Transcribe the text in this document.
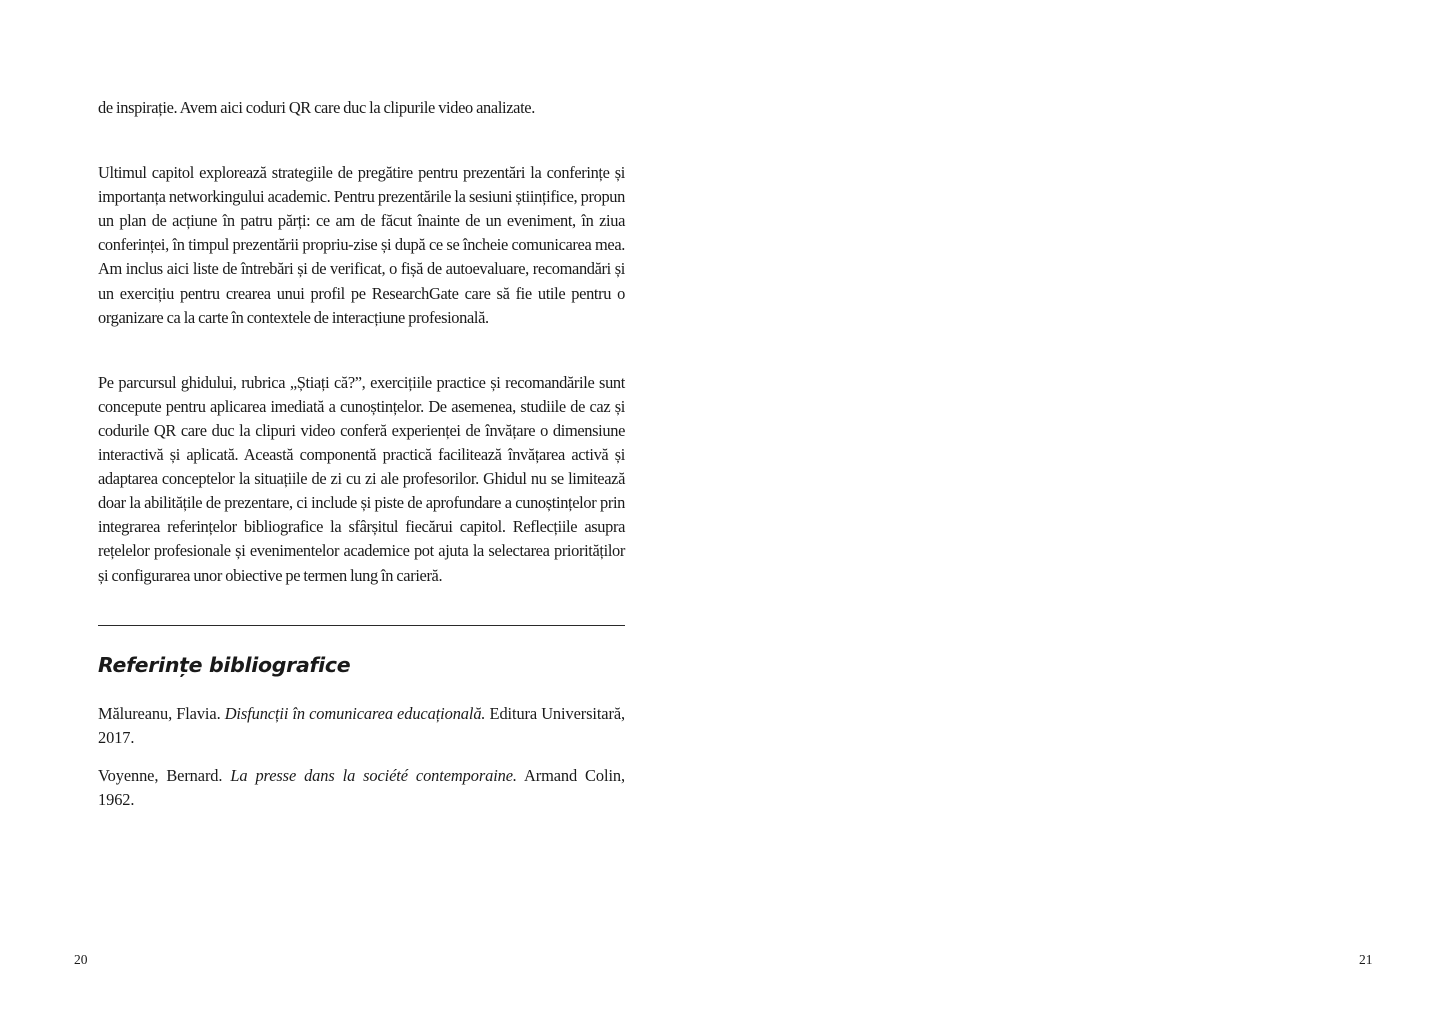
de inspirație. Avem aici coduri QR care duc la clipurile video analizate.

Ultimul capitol explorează strategiile de pregătire pentru prezentări la conferințe și importanța networkingului academic. Pentru prezentările la sesiuni științifice, propun un plan de acțiune în patru părți: ce am de făcut înainte de un eveniment, în ziua conferinței, în timpul prezentării propriu-zise și după ce se încheie comunicarea mea. Am inclus aici liste de întrebări și de verificat, o fișă de autoevaluare, recomandări și un exercițiu pentru crearea unui profil pe ResearchGate care să fie utile pentru o organizare ca la carte în contextele de interacțiune profesională.

Pe parcursul ghidului, rubrica „Știați că?”, exercițiile practice și recomandările sunt concepute pentru aplicarea imediată a cunoștințelor. De asemenea, studiile de caz și codurile QR care duc la clipuri video conferă experienței de învățare o dimensiune interactivă și aplicată. Această componentă practică facilitează învățarea activă și adaptarea conceptelor la situațiile de zi cu zi ale profesorilor. Ghidul nu se limitează doar la abilitățile de prezentare, ci include și piste de aprofundare a cunoștințelor prin integrarea referințelor bibliografice la sfârșitul fiecărui capitol. Reflecțiile asupra rețelelor profesionale și evenimentelor academice pot ajuta la selectarea priorităților și configurarea unor obiective pe termen lung în carieră.

Referințe bibliografice

Mălureanu, Flavia. Disfuncții în comunicarea educațională. Editura Universitară, 2017.

Voyenne, Bernard. La presse dans la société contemporaine. Armand Colin, 1962.

20	21
